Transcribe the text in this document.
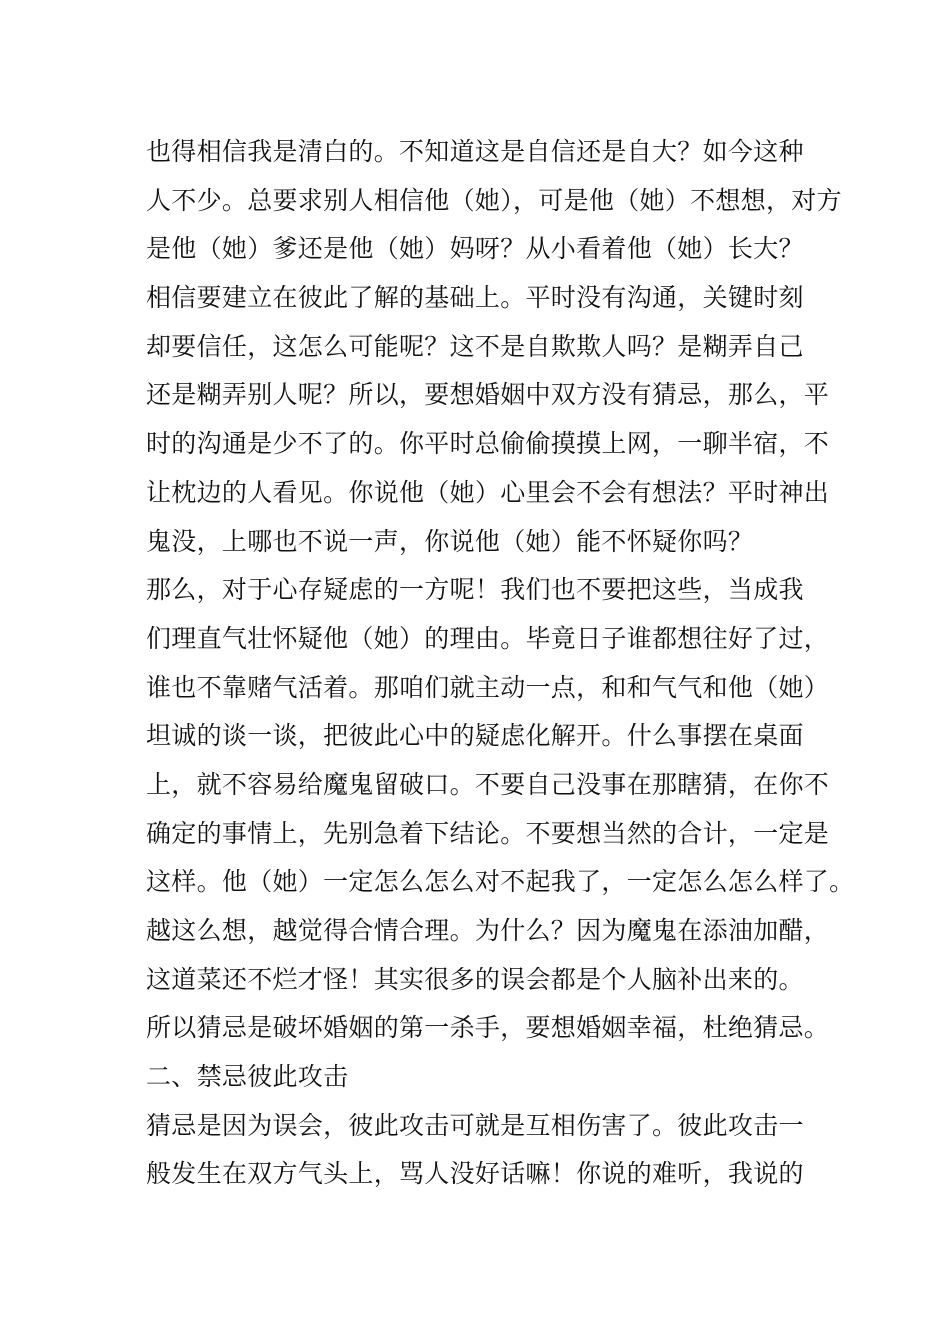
也得相信我是清白的。不知道这是自信还是自大？如今这种
人不少。总要求别人相信他（她），可是他（她）不想想，对方
是他（她）爹还是他（她）妈呀？从小看着他（她）长大？
相信要建立在彼此了解的基础上。平时没有沟通，关键时刻
却要信任，这怎么可能呢？这不是自欺欺人吗？是糊弄自己
还是糊弄别人呢？所以，要想婚姻中双方没有猜忌，那么，平
时的沟通是少不了的。你平时总偷偷摸摸上网，一聊半宿，不
让枕边的人看见。你说他（她）心里会不会有想法？平时神出
鬼没，上哪也不说一声，你说他（她）能不怀疑你吗？
那么，对于心存疑虑的一方呢！我们也不要把这些，当成我
们理直气壮怀疑他（她）的理由。毕竟日子谁都想往好了过，
谁也不靠赌气活着。那咱们就主动一点，和和气气和他（她）
坦诚的谈一谈，把彼此心中的疑虑化解开。什么事摆在桌面
上，就不容易给魔鬼留破口。不要自己没事在那瞎猜，在你不
确定的事情上，先别急着下结论。不要想当然的合计，一定是
这样。他（她）一定怎么怎么对不起我了，一定怎么怎么样了。
越这么想，越觉得合情合理。为什么？因为魔鬼在添油加醋，
这道菜还不烂才怪！其实很多的误会都是个人脑补出来的。
所以猜忌是破坏婚姻的第一杀手，要想婚姻幸福，杜绝猜忌。
二、禁忌彼此攻击
猜忌是因为误会，彼此攻击可就是互相伤害了。彼此攻击一
般发生在双方气头上，骂人没好话嘛！你说的难听，我说的
